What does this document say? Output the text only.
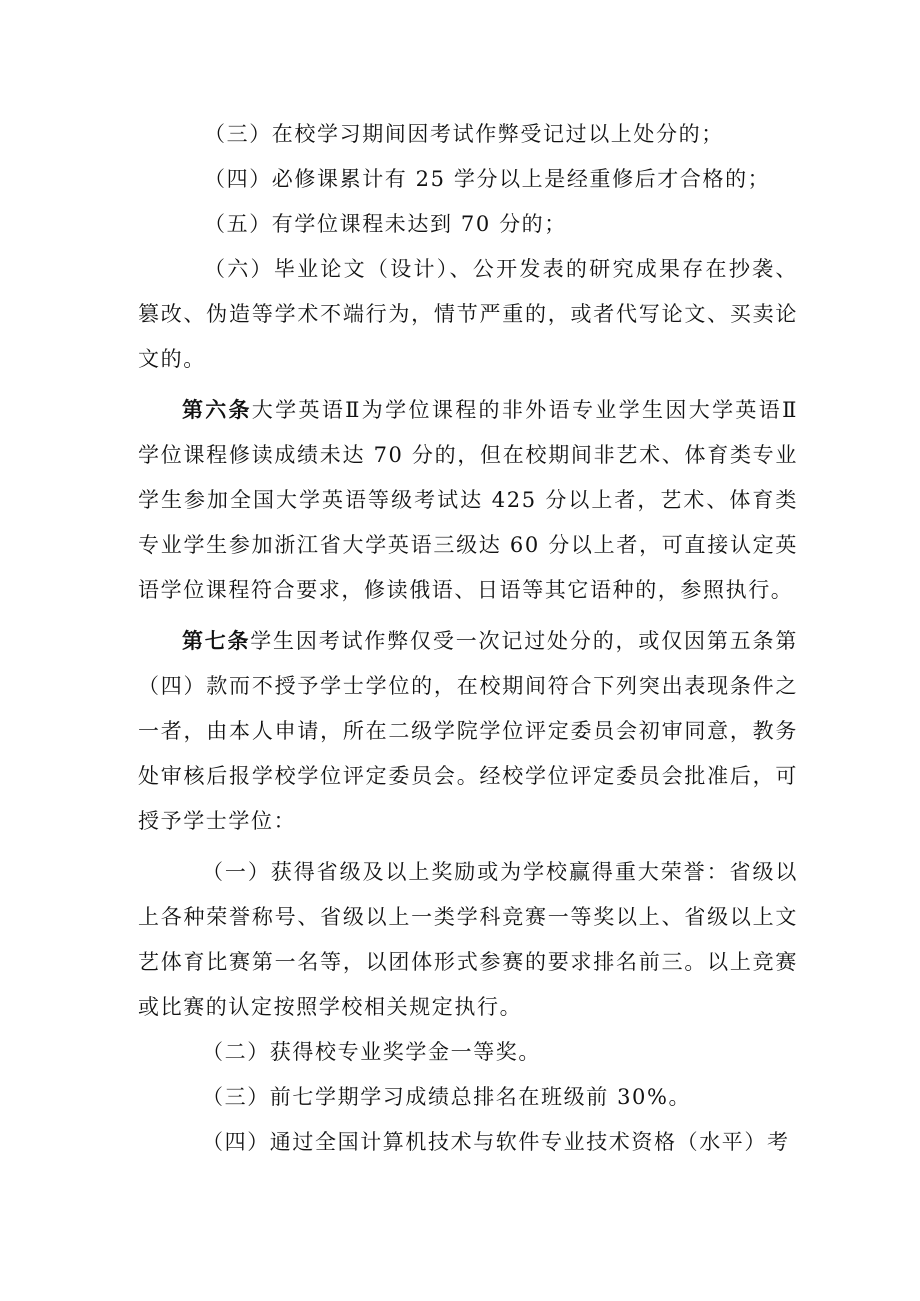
（三）在校学习期间因考试作弊受记过以上处分的；

（四）必修课累计有 25 学分以上是经重修后才合格的；

（五）有学位课程未达到 70 分的；

（六）毕业论文（设计）、公开发表的研究成果存在抄袭、篡改、伪造等学术不端行为，情节严重的，或者代写论文、买卖论文的。

第六条大学英语Ⅱ为学位课程的非外语专业学生因大学英语Ⅱ学位课程修读成绩未达 70 分的，但在校期间非艺术、体育类专业学生参加全国大学英语等级考试达 425 分以上者，艺术、体育类专业学生参加浙江省大学英语三级达 60 分以上者，可直接认定英语学位课程符合要求，修读俄语、日语等其它语种的，参照执行。

第七条学生因考试作弊仅受一次记过处分的，或仅因第五条第（四）款而不授予学士学位的，在校期间符合下列突出表现条件之一者，由本人申请，所在二级学院学位评定委员会初审同意，教务处审核后报学校学位评定委员会。经校学位评定委员会批准后，可授予学士学位：

（一）获得省级及以上奖励或为学校赢得重大荣誉：省级以上各种荣誉称号、省级以上一类学科竞赛一等奖以上、省级以上文艺体育比赛第一名等，以团体形式参赛的要求排名前三。以上竞赛或比赛的认定按照学校相关规定执行。

（二）获得校专业奖学金一等奖。

（三）前七学期学习成绩总排名在班级前 30%。

（四）通过全国计算机技术与软件专业技术资格（水平）考
